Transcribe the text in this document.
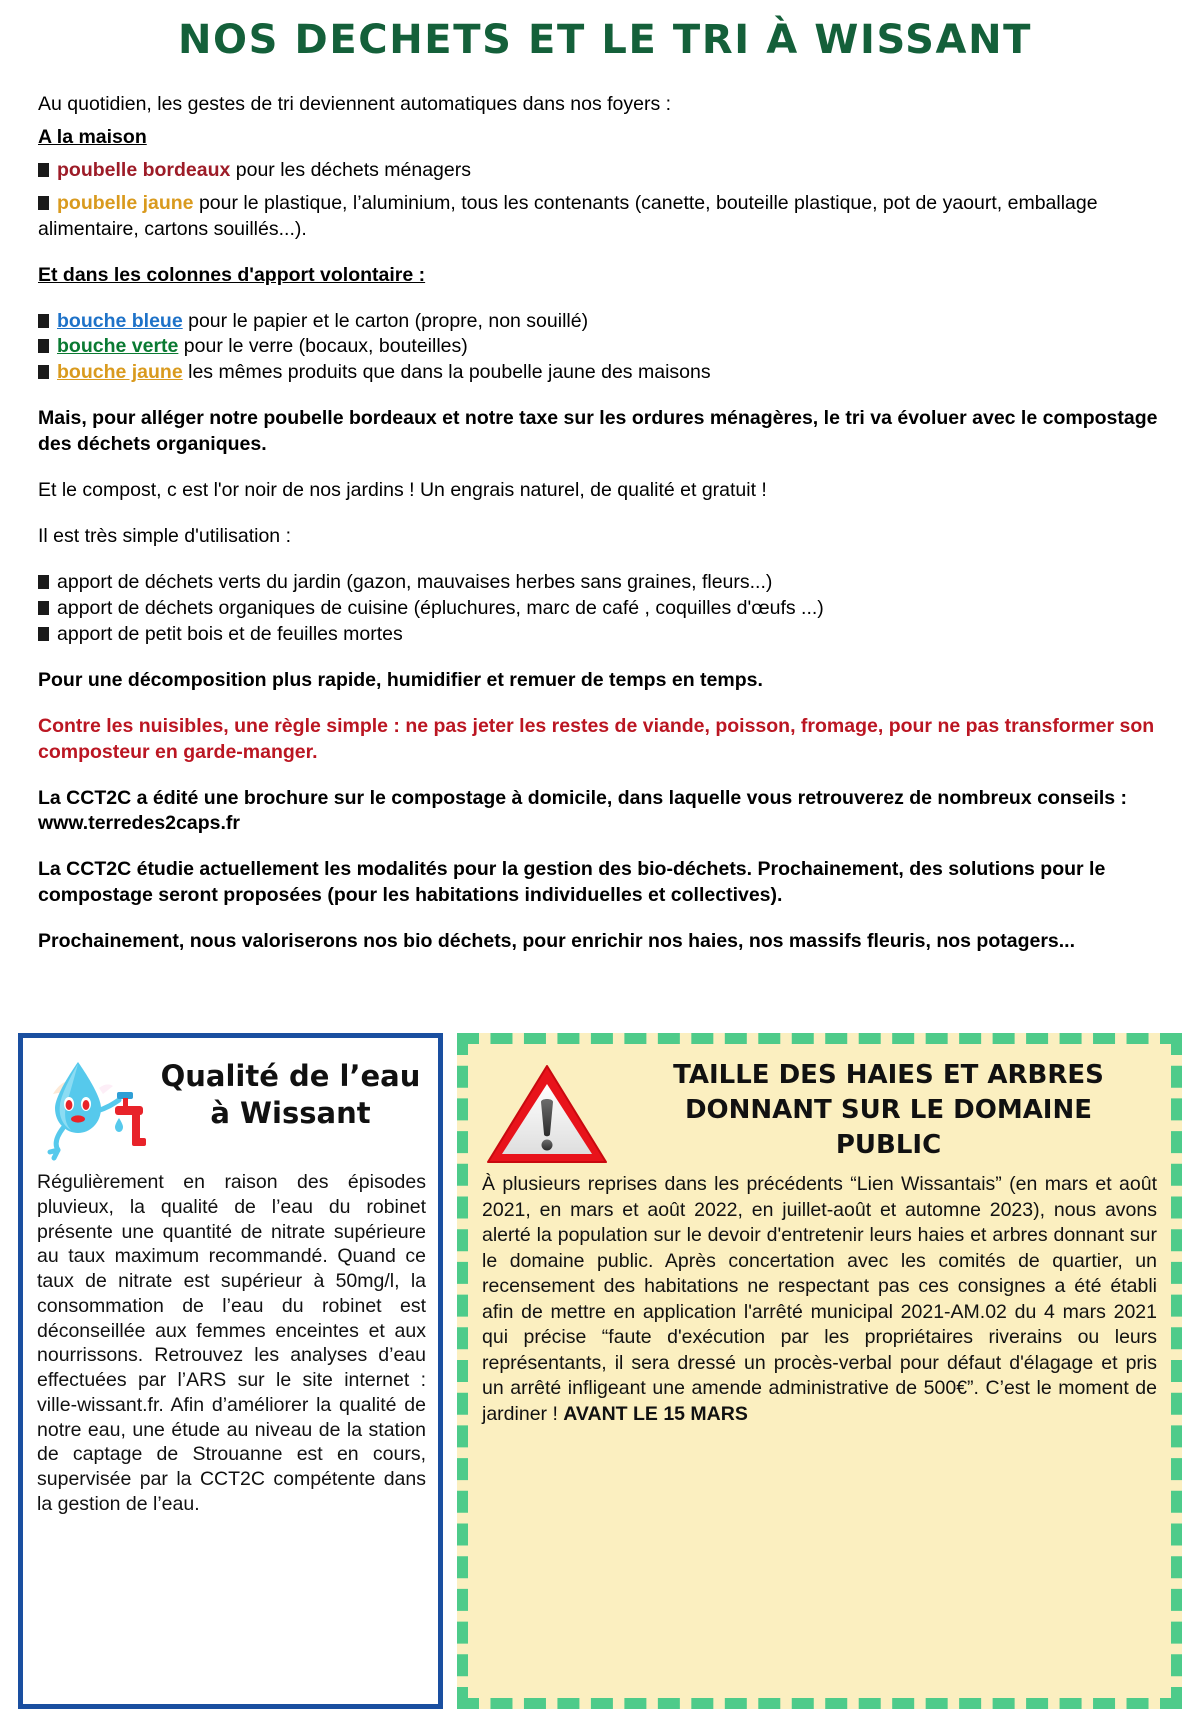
NOS DECHETS ET LE TRI À WISSANT

Au quotidien, les gestes de tri deviennent automatiques dans nos foyers :

A la maison

poubelle bordeaux pour les déchets ménagers

poubelle jaune pour le plastique, l’aluminium, tous les contenants (canette, bouteille plastique, pot de yaourt, emballage alimentaire, cartons souillés...).

Et dans les colonnes d'apport volontaire :

bouche bleue pour le papier et le carton (propre, non souillé)

bouche verte pour le verre (bocaux, bouteilles)

bouche jaune les mêmes produits que dans la poubelle jaune des maisons

Mais, pour alléger notre poubelle bordeaux et notre taxe sur les ordures ménagères, le tri va évoluer avec le compostage des déchets organiques.

Et le compost, c est l'or noir de nos jardins ! Un engrais naturel, de qualité et gratuit !

Il est très simple d'utilisation :

apport de déchets verts du jardin (gazon, mauvaises herbes sans graines, fleurs...)

apport de déchets organiques de cuisine (épluchures, marc de café , coquilles d'œufs ...)

apport de petit bois et de feuilles mortes

Pour une décomposition plus rapide, humidifier et remuer de temps en temps.

Contre les nuisibles, une règle simple : ne pas jeter les restes de viande, poisson, fromage, pour ne pas transformer son composteur en garde-manger.

La CCT2C a édité une brochure sur le compostage à domicile, dans laquelle vous retrouverez de nombreux conseils : www.terredes2caps.fr

La CCT2C étudie actuellement les modalités pour la gestion des bio-déchets. Prochainement, des solutions pour le compostage seront proposées (pour les habitations individuelles et collectives).

Prochainement, nous valoriserons nos bio déchets, pour enrichir nos haies, nos massifs fleuris, nos potagers...

Qualité de l’eau
à Wissant
Régulièrement en raison des épisodes pluvieux, la qualité de l’eau du robinet présente une quantité de nitrate supérieure au taux maximum recommandé. Quand ce taux de nitrate est supérieur à 50mg/l, la consommation de l’eau du robinet est déconseillée aux femmes enceintes et aux nourrissons. Retrouvez les analyses d’eau effectuées par l’ARS sur le site internet : ville-wissant.fr. Afin d’améliorer la qualité de notre eau, une étude au niveau de la station de captage de Strouanne est en cours, supervisée par la CCT2C compétente dans la gestion de l’eau.
TAILLE DES HAIES ET ARBRES
DONNANT SUR LE DOMAINE
PUBLIC
À plusieurs reprises dans les précédents “Lien Wissantais” (en mars et août 2021, en mars et août 2022, en juillet-août et automne 2023), nous avons alerté la population sur le devoir d'entretenir leurs haies et arbres donnant sur le domaine public. Après concertation avec les comités de quartier, un recensement des habitations ne respectant pas ces consignes a été établi afin de mettre en application l'arrêté municipal 2021-AM.02 du 4 mars 2021 qui précise “faute d'exécution par les propriétaires riverains ou leurs représentants, il sera dressé un procès-verbal pour défaut d'élagage et pris un arrêté infligeant une amende administrative de 500€”. C’est le moment de jardiner ! AVANT LE 15 MARS
